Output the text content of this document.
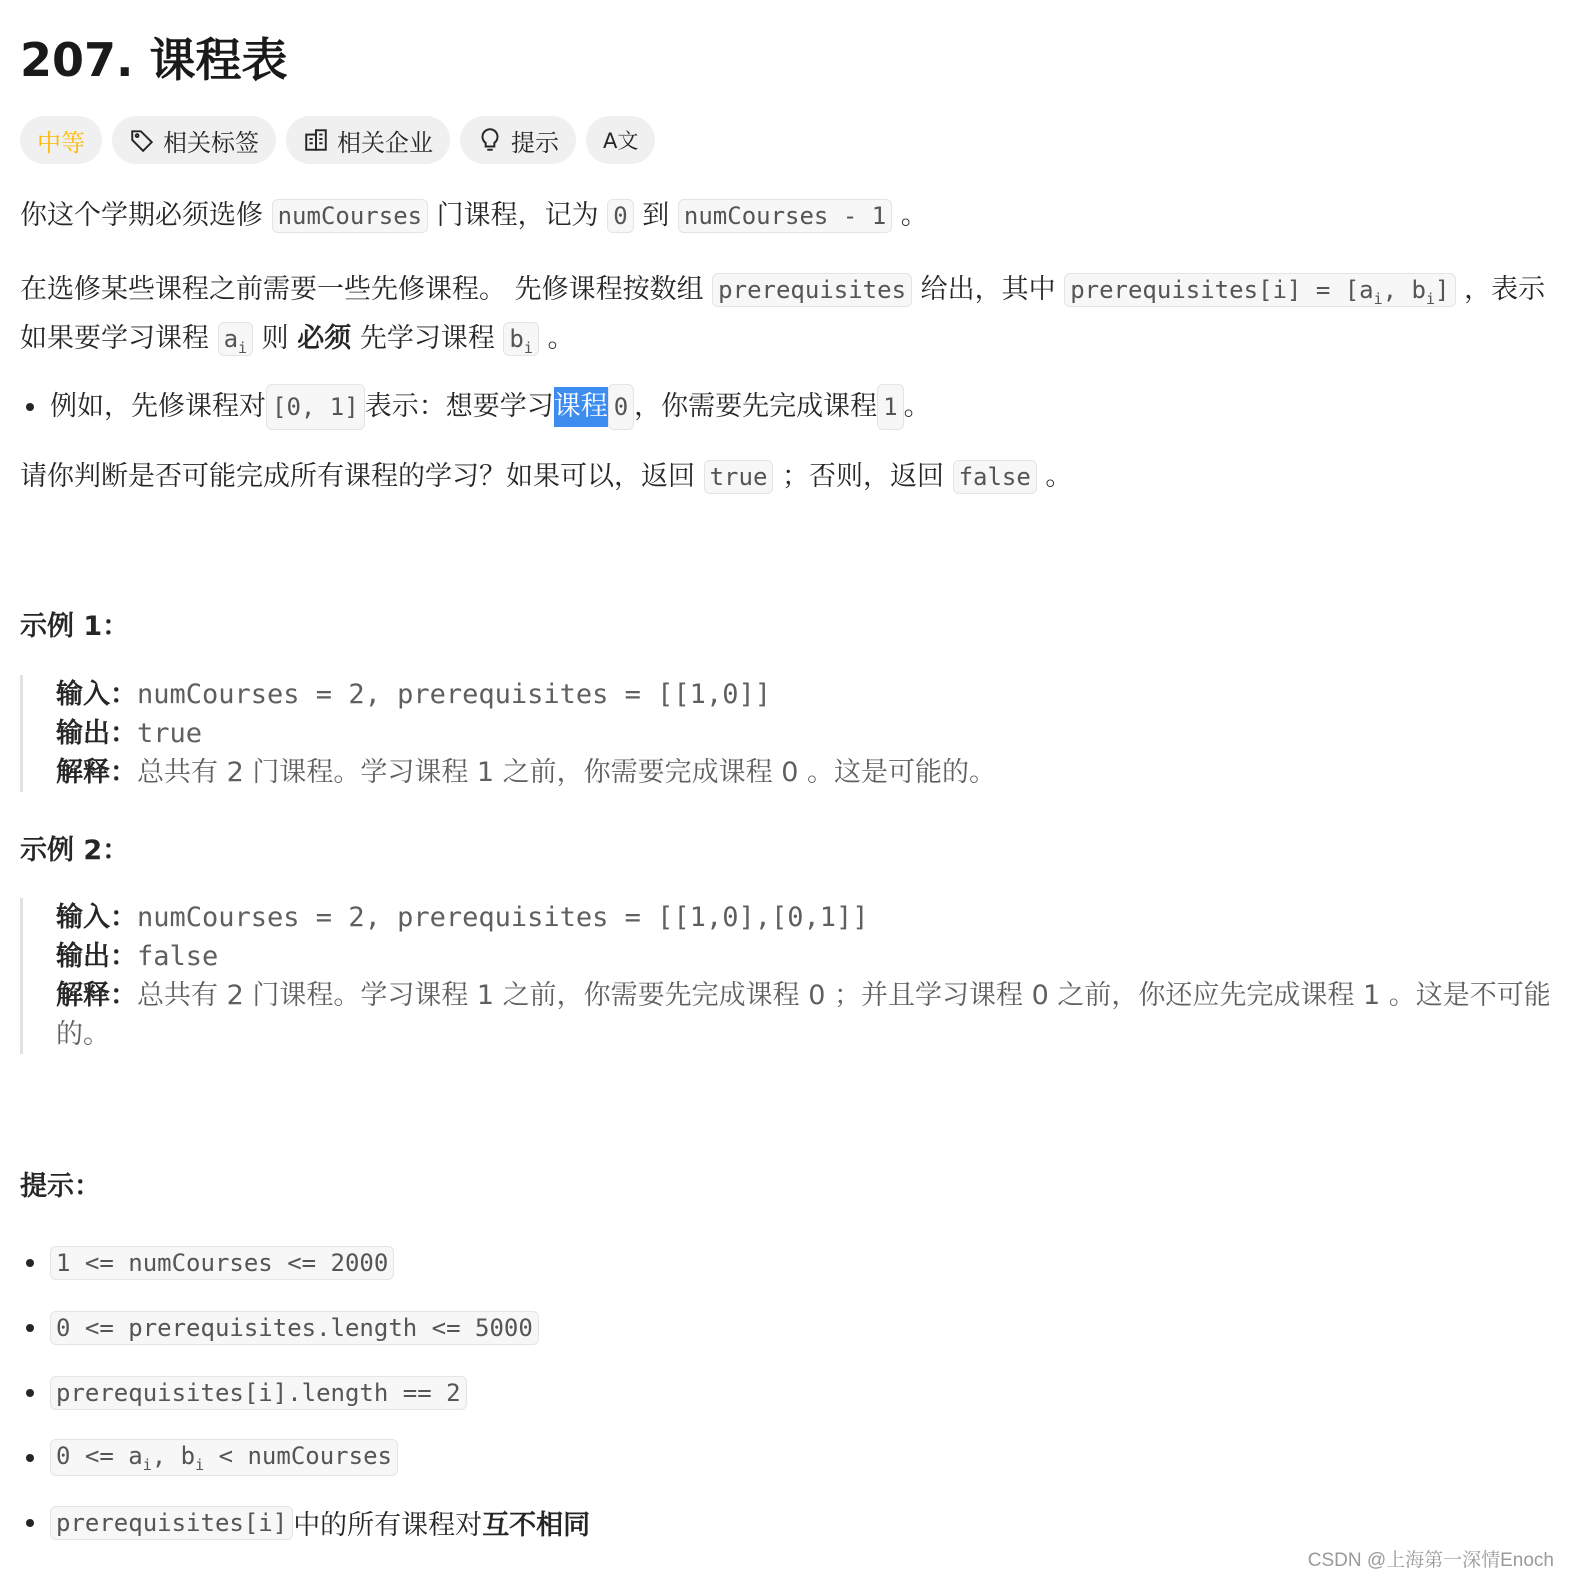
207. 课程表
中等	相关标签	相关企业	提示 A文

你这个学期必须选修 numCourses 门课程，记为 0 到 numCourses - 1 。

在选修某些课程之前需要一些先修课程。 先修课程按数组 prerequisites 给出，其中 prerequisites[i] = [$a_i$, $b_i$] ，表示如果要学习课程 $a_i$ 则 必须 先学习课程 $b_i$ 。

例如，先修课程对 [0, 1] 表示：想要学习 课程 0 ，你需要先完成课程 1 。

请你判断是否可能完成所有课程的学习？如果可以，返回 true ；否则，返回 false 。

示例 1：
输入：numCourses = 2, prerequisites = [[1,0]]
输出：true
解释：总共有 2 门课程。学习课程 1 之前，你需要完成课程 0 。这是可能的。
示例 2：
输入：numCourses = 2, prerequisites = [[1,0],[0,1]]
输出：false
解释：总共有 2 门课程。学习课程 1 之前，你需要先完成课程 0 ；并且学习课程 0 之前，你还应先完成课程 1 。这是不可能的。
提示：
1 <= numCourses <= 2000
0 <= prerequisites.length <= 5000
prerequisites[i].length == 2
$0 <= a_i$, $b_i$ < numCourses
prerequisites[i] 中的所有课程对 互不相同
CSDN @上海第一深情Enoch
